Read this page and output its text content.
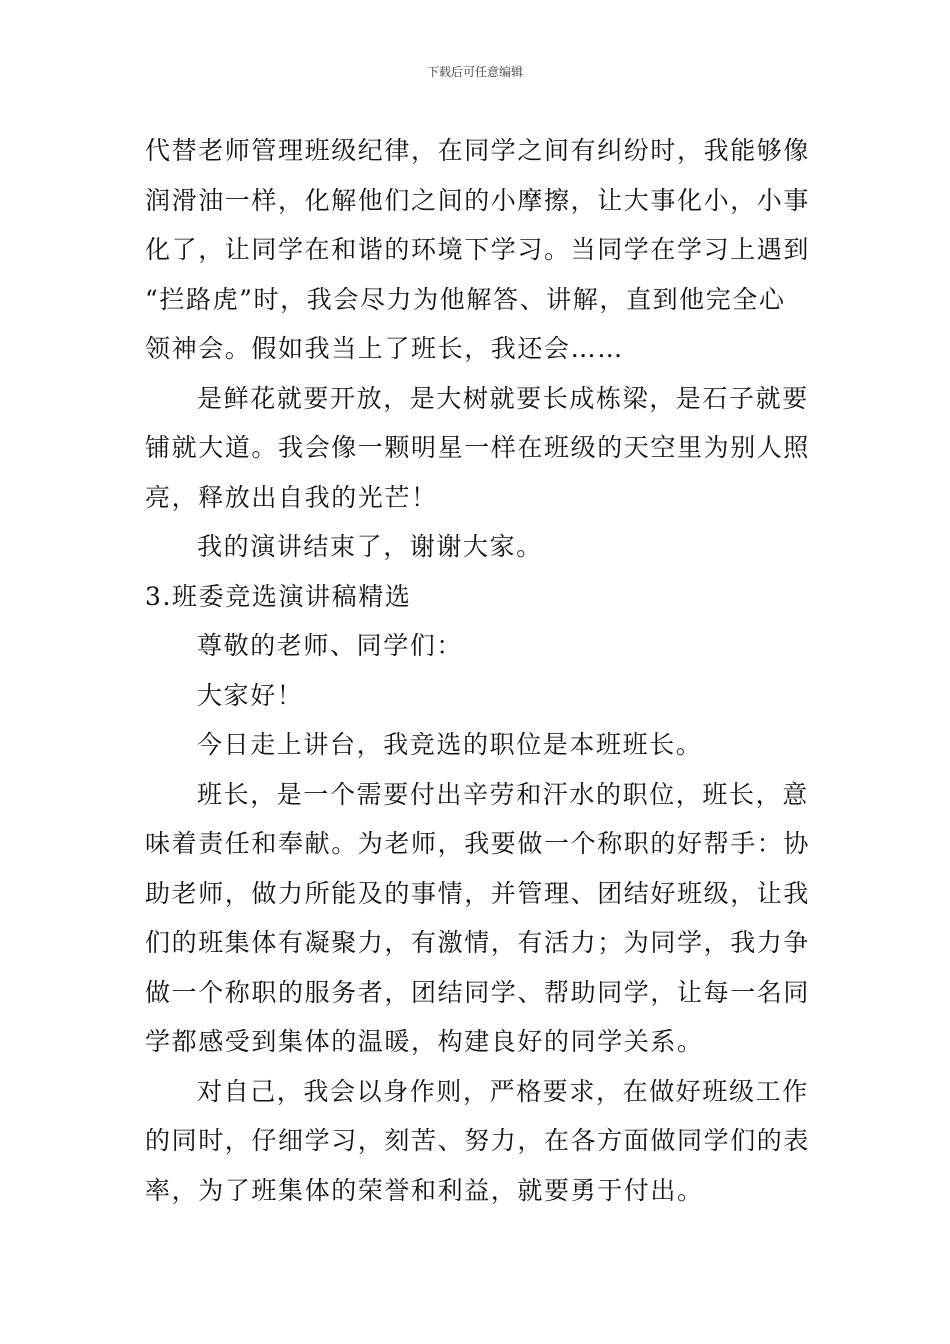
下载后可任意编辑
代替老师管理班级纪律，在同学之间有纠纷时，我能够像
润滑油一样，化解他们之间的小摩擦，让大事化小，小事
化了，让同学在和谐的环境下学习。当同学在学习上遇到
“拦路虎”时，我会尽力为他解答、讲解，直到他完全心
领神会。假如我当上了班长，我还会……
是鲜花就要开放，是大树就要长成栋梁，是石子就要
铺就大道。我会像一颗明星一样在班级的天空里为别人照
亮，释放出自我的光芒！
我的演讲结束了，谢谢大家。
3.班委竞选演讲稿精选
尊敬的老师、同学们：
大家好！
今日走上讲台，我竞选的职位是本班班长。
班长，是一个需要付出辛劳和汗水的职位，班长，意
味着责任和奉献。为老师，我要做一个称职的好帮手：协
助老师，做力所能及的事情，并管理、团结好班级，让我
们的班集体有凝聚力，有激情，有活力；为同学，我力争
做一个称职的服务者，团结同学、帮助同学，让每一名同
学都感受到集体的温暖，构建良好的同学关系。
对自己，我会以身作则，严格要求，在做好班级工作
的同时，仔细学习，刻苦、努力，在各方面做同学们的表
率，为了班集体的荣誉和利益，就要勇于付出。
